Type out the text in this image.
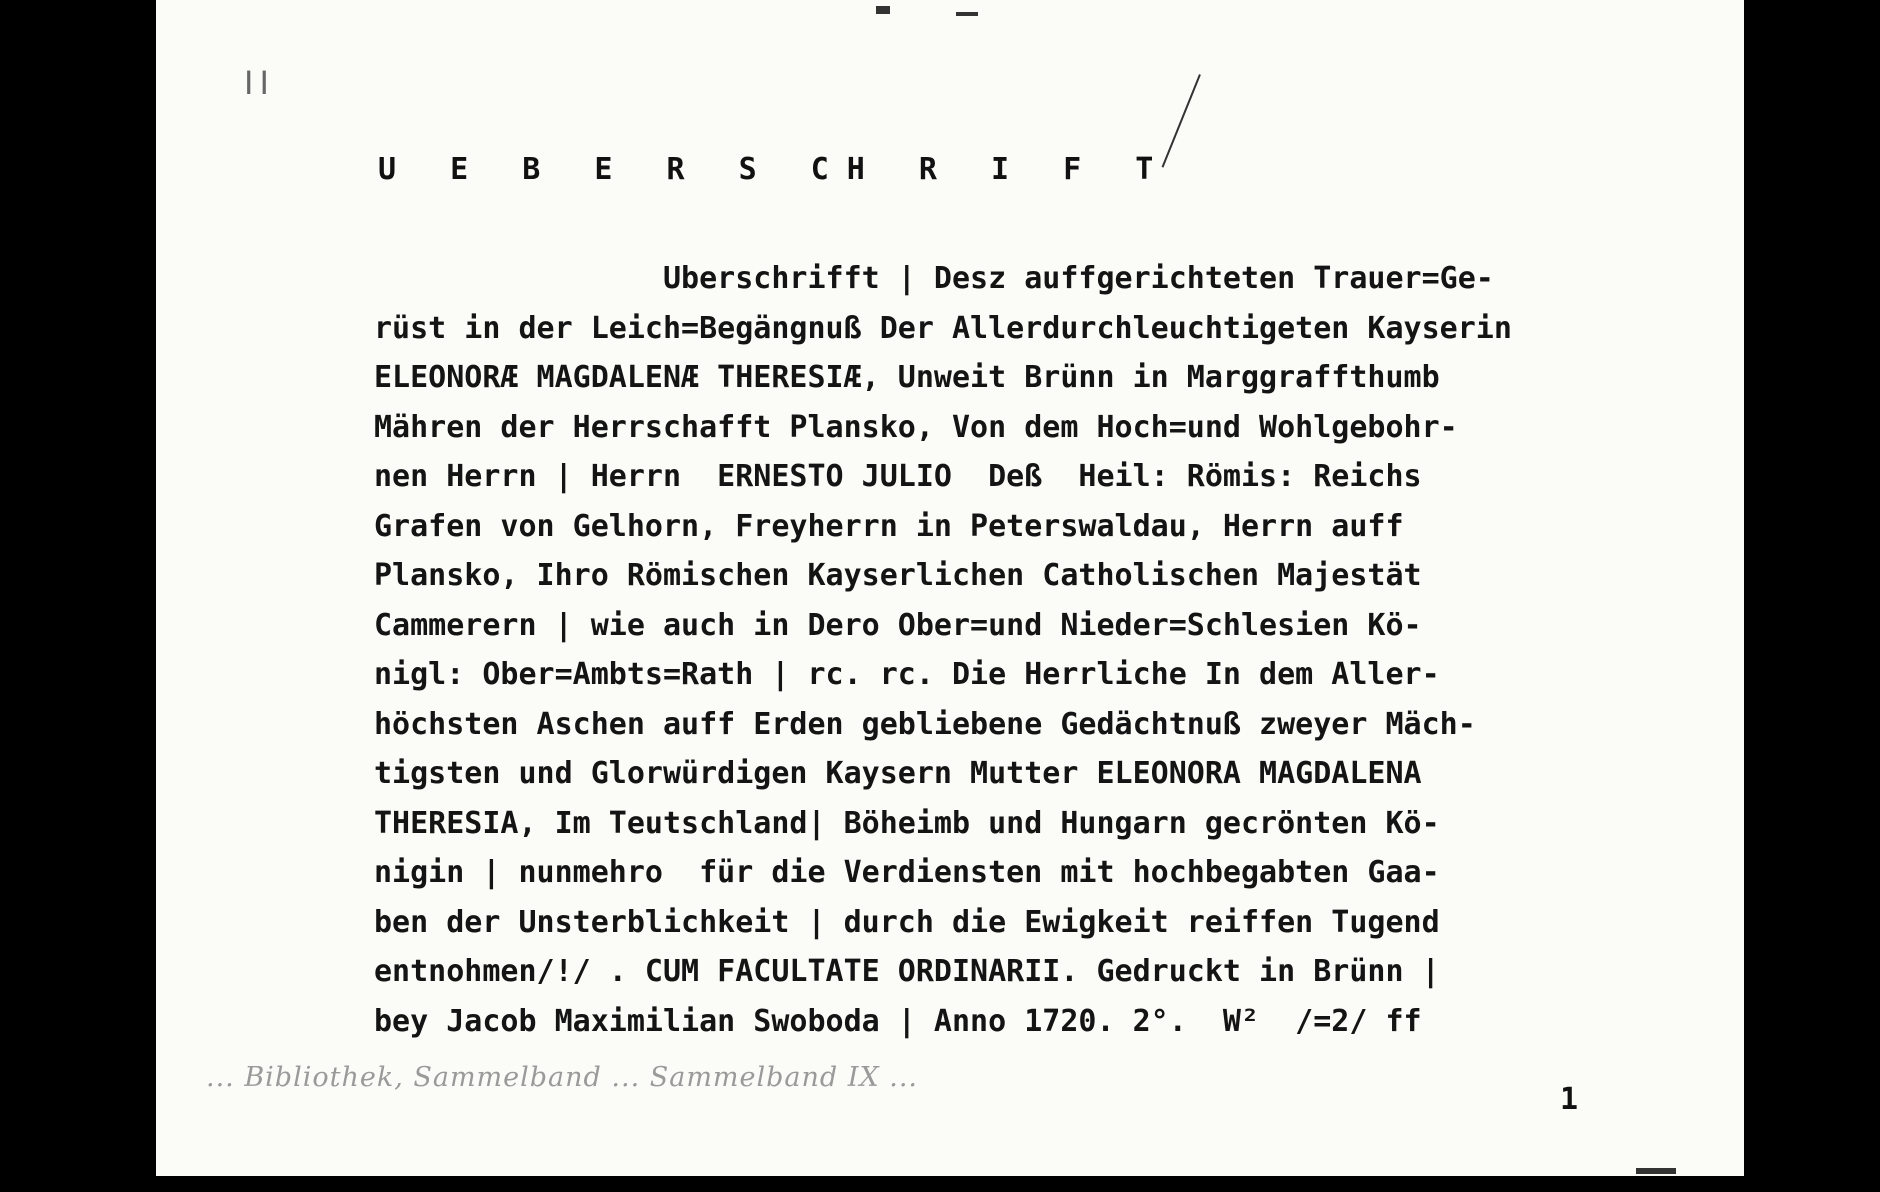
II
U E B E R S CH R I F T
Uberschrifft | Desz auffgerichteten Trauer=Ge-
rüst in der Leich=Begängnuß Der Allerdurchleuchtigeten Kayserin
ELEONORÆ MAGDALENÆ THERESIÆ, Unweit Brünn in Marggraffthumb
Mähren der Herrschafft Plansko, Von dem Hoch=und Wohlgebohr-
nen Herrn | Herrn  ERNESTO JULIO  Deß  Heil: Römis: Reichs
Grafen von Gelhorn, Freyherrn in Peterswaldau, Herrn auff
Plansko, Ihro Römischen Kayserlichen Catholischen Majestät
Cammerern | wie auch in Dero Ober=und Nieder=Schlesien Kö-
nigl: Ober=Ambts=Rath | rc. rc. Die Herrliche In dem Aller-
höchsten Aschen auff Erden gebliebene Gedächtnuß zweyer Mäch-
tigsten und Glorwürdigen Kaysern Mutter ELEONORA MAGDALENA
THERESIA, Im Teutschland| Böheimb und Hungarn gecrönten Kö-
nigin | nunmehro  für die Verdiensten mit hochbegabten Gaa-
ben der Unsterblichkeit | durch die Ewigkeit reiffen Tugend
entnohmen/!/ . CUM FACULTATE ORDINARII. Gedruckt in Brünn |
bey Jacob Maximilian Swoboda | Anno 1720. 2°.  W²  /=2/ ff
... Bibliothek, Sammelband ... Sammelband IX ...
1
